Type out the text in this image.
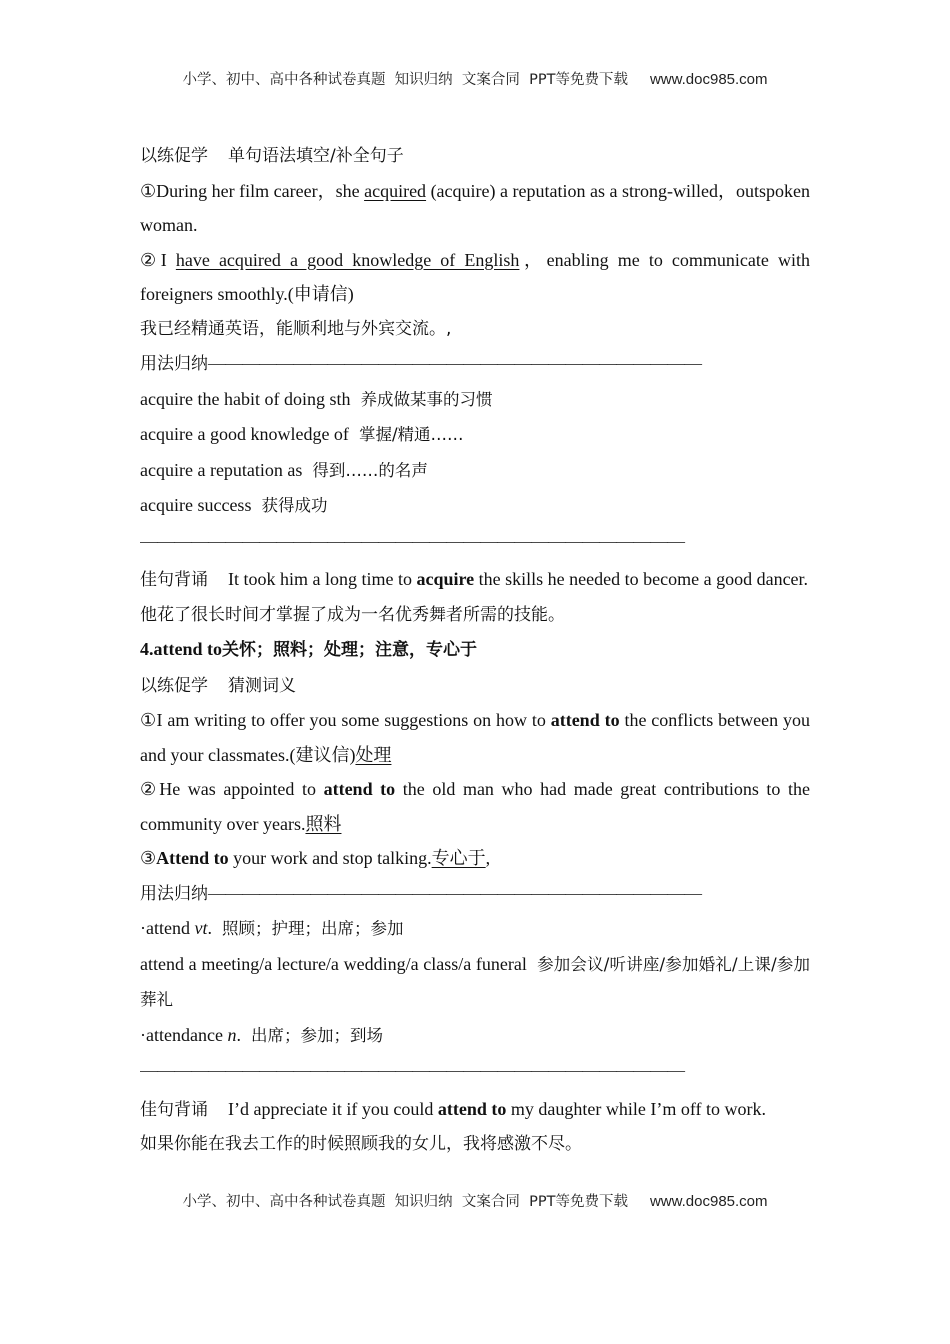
小学、初中、高中各种试卷真题  知识归纳  文案合同  PPT等免费下载 www.doc985.com

以练促学 单句语法填空/补全句子

①During her film career，she acquired (acquire) a reputation as a strong-willed，outspoken woman.

②I have acquired a good knowledge of English，enabling me to communicate with foreigners smoothly.(申请信)

我已经精通英语，能顺利地与外宾交流。,

用法归纳—————————————————————————————

acquire the habit of doing sth 养成做某事的习惯

acquire a good knowledge of 掌握/精通……

acquire a reputation as 得到……的名声

acquire success 获得成功

————————————————————————————————

佳句背诵 It took him a long time to acquire the skills he needed to become a good dancer.

他花了很长时间才掌握了成为一名优秀舞者所需的技能。

4.attend to关怀；照料；处理；注意，专心于

以练促学 猜测词义

①I am writing to offer you some suggestions on how to attend to the conflicts between you and your classmates.(建议信)处理

②He was appointed to attend to the old man who had made great contributions to the community over years.照料

③Attend to your work and stop talking.专心于,

用法归纳—————————————————————————————

·attend vt. 照顾；护理；出席；参加

attend a meeting/a lecture/a wedding/a class/a funeral 参加会议/听讲座/参加婚礼/上课/参加葬礼

·attendance n. 出席；参加；到场

————————————————————————————————

佳句背诵 I’d appreciate it if you could attend to my daughter while I’m off to work.

如果你能在我去工作的时候照顾我的女儿，我将感激不尽。

小学、初中、高中各种试卷真题  知识归纳  文案合同  PPT等免费下载 www.doc985.com
